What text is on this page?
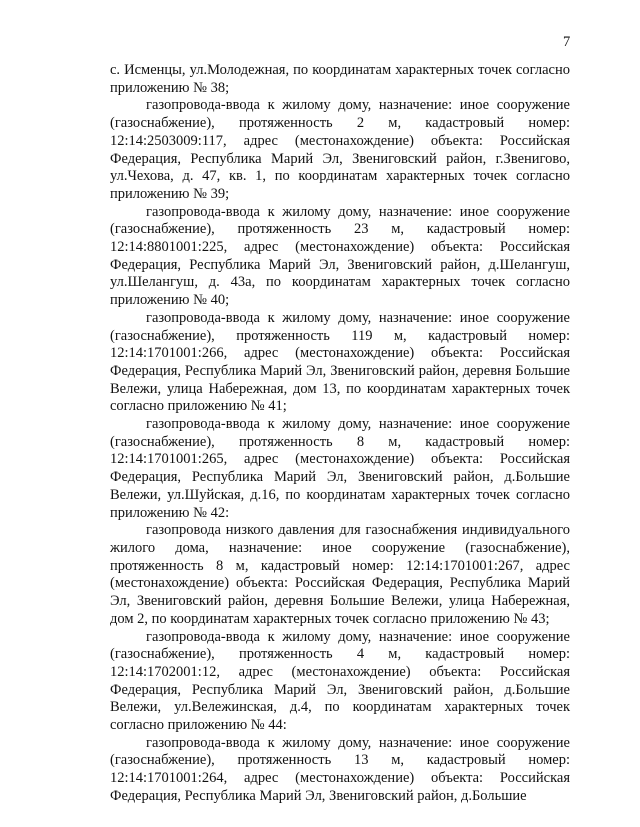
7

с. Исменцы, ул.Молодежная, по координатам характерных точек согласно приложению № 38;

газопровода-ввода к жилому дому, назначение: иное сооружение (газоснабжение), протяженность 2 м, кадастровый номер: 12:14:2503009:117, адрес (местонахождение) объекта: Российская Федерация, Республика Марий Эл, Звениговский район, г.Звенигово, ул.Чехова, д. 47, кв. 1, по координатам характерных точек согласно приложению № 39;

газопровода-ввода к жилому дому, назначение: иное сооружение (газоснабжение), протяженность 23 м, кадастровый номер: 12:14:8801001:225, адрес (местонахождение) объекта: Российская Федерация, Республика Марий Эл, Звениговский район, д.Шелангуш, ул.Шелангуш, д. 43а, по координатам характерных точек согласно приложению № 40;

газопровода-ввода к жилому дому, назначение: иное сооружение (газоснабжение), протяженность 119 м, кадастровый номер: 12:14:1701001:266, адрес (местонахождение) объекта: Российская Федерация, Республика Марий Эл, Звениговский район, деревня Большие Вележи, улица Набережная, дом 13, по координатам характерных точек согласно приложению № 41;

газопровода-ввода к жилому дому, назначение: иное сооружение (газоснабжение), протяженность 8 м, кадастровый номер: 12:14:1701001:265, адрес (местонахождение) объекта: Российская Федерация, Республика Марий Эл, Звениговский район, д.Большие Вележи, ул.Шуйская, д.16, по координатам характерных точек согласно приложению № 42:

газопровода низкого давления для газоснабжения индивидуального жилого дома, назначение: иное сооружение (газоснабжение), протяженность 8 м, кадастровый номер: 12:14:1701001:267, адрес (местонахождение) объекта: Российская Федерация, Республика Марий Эл, Звениговский район, деревня Большие Вележи, улица Набережная, дом 2, по координатам характерных точек согласно приложению № 43;

газопровода-ввода к жилому дому, назначение: иное сооружение (газоснабжение), протяженность 4 м, кадастровый номер: 12:14:1702001:12, адрес (местонахождение) объекта: Российская Федерация, Республика Марий Эл, Звениговский район, д.Большие Вележи, ул.Вележинская, д.4, по координатам характерных точек согласно приложению № 44:

газопровода-ввода к жилому дому, назначение: иное сооружение (газоснабжение), протяженность 13 м, кадастровый номер: 12:14:1701001:264, адрес (местонахождение) объекта: Российская Федерация, Республика Марий Эл, Звениговский район, д.Большие
